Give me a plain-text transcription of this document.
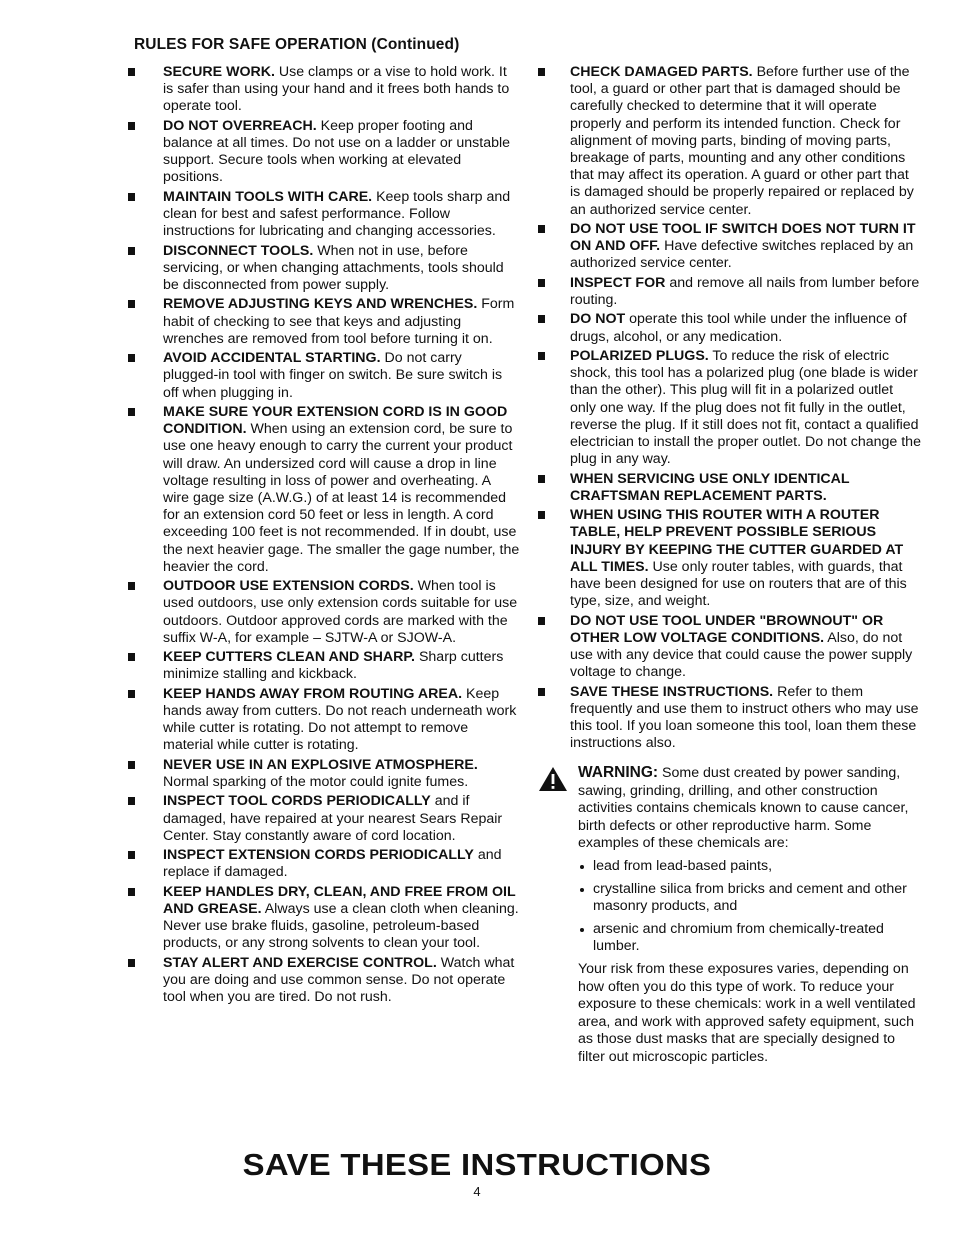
RULES FOR SAFE OPERATION (Continued)
SECURE WORK. Use clamps or a vise to hold work. It is safer than using your hand and it frees both hands to operate tool.
DO NOT OVERREACH. Keep proper footing and balance at all times. Do not use on a ladder or unstable support. Secure tools when working at elevated positions.
MAINTAIN TOOLS WITH CARE. Keep tools sharp and clean for best and safest performance. Follow instructions for lubricating and changing accessories.
DISCONNECT TOOLS. When not in use, before servicing, or when changing attachments, tools should be disconnected from power supply.
REMOVE ADJUSTING KEYS AND WRENCHES. Form habit of checking to see that keys and adjusting wrenches are removed from tool before turning it on.
AVOID ACCIDENTAL STARTING. Do not carry plugged-in tool with finger on switch. Be sure switch is off when plugging in.
MAKE SURE YOUR EXTENSION CORD IS IN GOOD CONDITION. When using an extension cord, be sure to use one heavy enough to carry the current your product will draw. An undersized cord will cause a drop in line voltage resulting in loss of power and overheating. A wire gage size (A.W.G.) of at least 14 is recommended for an extension cord 50 feet or less in length. A cord exceeding 100 feet is not recommended. If in doubt, use the next heavier gage. The smaller the gage number, the heavier the cord.
OUTDOOR USE EXTENSION CORDS. When tool is used outdoors, use only extension cords suitable for use outdoors. Outdoor approved cords are marked with the suffix W-A, for example – SJTW-A or SJOW-A.
KEEP CUTTERS CLEAN AND SHARP. Sharp cutters minimize stalling and kickback.
KEEP HANDS AWAY FROM ROUTING AREA. Keep hands away from cutters. Do not reach underneath work while cutter is rotating. Do not attempt to remove material while cutter is rotating.
NEVER USE IN AN EXPLOSIVE ATMOSPHERE. Normal sparking of the motor could ignite fumes.
INSPECT TOOL CORDS PERIODICALLY and if damaged, have repaired at your nearest Sears Repair Center. Stay constantly aware of cord location.
INSPECT EXTENSION CORDS PERIODICALLY and replace if damaged.
KEEP HANDLES DRY, CLEAN, AND FREE FROM OIL AND GREASE. Always use a clean cloth when cleaning. Never use brake fluids, gasoline, petroleum-based products, or any strong solvents to clean your tool.
STAY ALERT AND EXERCISE CONTROL. Watch what you are doing and use common sense. Do not operate tool when you are tired. Do not rush.
CHECK DAMAGED PARTS. Before further use of the tool, a guard or other part that is damaged should be carefully checked to determine that it will operate properly and perform its intended function. Check for alignment of moving parts, binding of moving parts, breakage of parts, mounting and any other conditions that may affect its operation. A guard or other part that is damaged should be properly repaired or replaced by an authorized service center.
DO NOT USE TOOL IF SWITCH DOES NOT TURN IT ON AND OFF. Have defective switches replaced by an authorized service center.
INSPECT FOR and remove all nails from lumber before routing.
DO NOT operate this tool while under the influence of drugs, alcohol, or any medication.
POLARIZED PLUGS. To reduce the risk of electric shock, this tool has a polarized plug (one blade is wider than the other). This plug will fit in a polarized outlet only one way. If the plug does not fit fully in the outlet, reverse the plug. If it still does not fit, contact a qualified electrician to install the proper outlet. Do not change the plug in any way.
WHEN SERVICING USE ONLY IDENTICAL CRAFTSMAN REPLACEMENT PARTS.
WHEN USING THIS ROUTER WITH A ROUTER TABLE, HELP PREVENT POSSIBLE SERIOUS INJURY BY KEEPING THE CUTTER GUARDED AT ALL TIMES. Use only router tables, with guards, that have been designed for use on routers that are of this type, size, and weight.
DO NOT USE TOOL UNDER "BROWNOUT" OR OTHER LOW VOLTAGE CONDITIONS. Also, do not use with any device that could cause the power supply voltage to change.
SAVE THESE INSTRUCTIONS. Refer to them frequently and use them to instruct others who may use this tool. If you loan someone this tool, loan them these instructions also.
WARNING: Some dust created by power sanding, sawing, grinding, drilling, and other construction activities contains chemicals known to cause cancer, birth defects or other reproductive harm. Some examples of these chemicals are:
lead from lead-based paints,
crystalline silica from bricks and cement and other masonry products, and
arsenic and chromium from chemically-treated lumber.
Your risk from these exposures varies, depending on how often you do this type of work. To reduce your exposure to these chemicals: work in a well ventilated area, and work with approved safety equipment, such as those dust masks that are specially designed to filter out microscopic particles.
SAVE THESE INSTRUCTIONS
4
